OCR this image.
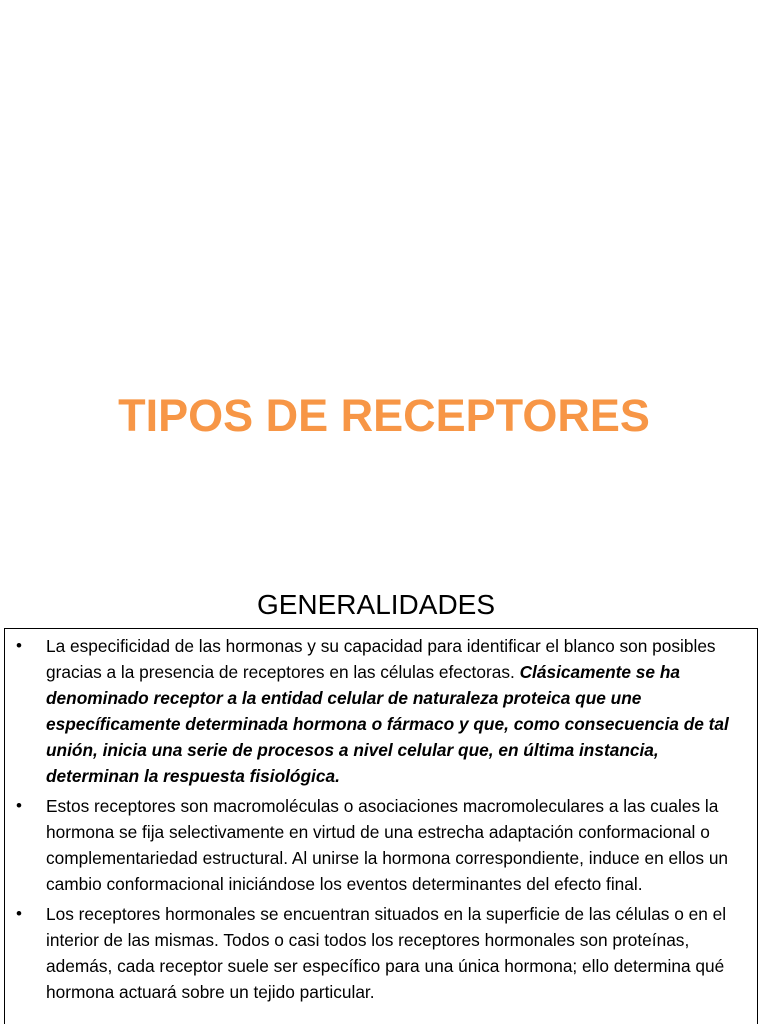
TIPOS DE RECEPTORES
GENERALIDADES
• La especificidad de las hormonas y su capacidad para identificar el blanco son posibles gracias a la presencia de receptores en las células efectoras. Clásicamente se ha denominado receptor a la entidad celular de naturaleza proteica que une específicamente determinada hormona o fármaco y que, como consecuencia de tal unión, inicia una serie de procesos a nivel celular que, en última instancia, determinan la respuesta fisiológica.
• Estos receptores son macromoléculas o asociaciones macromoleculares a las cuales la hormona se fija selectivamente en virtud de una estrecha adaptación conformacional o complementariedad estructural. Al unirse la hormona correspondiente, induce en ellos un cambio conformacional iniciándose los eventos determinantes del efecto final.
• Los receptores hormonales se encuentran situados en la superficie de las células o en el interior de las mismas. Todos o casi todos los receptores hormonales son proteínas, además, cada receptor suele ser específico para una única hormona; ello determina qué hormona actuará sobre un tejido particular.
